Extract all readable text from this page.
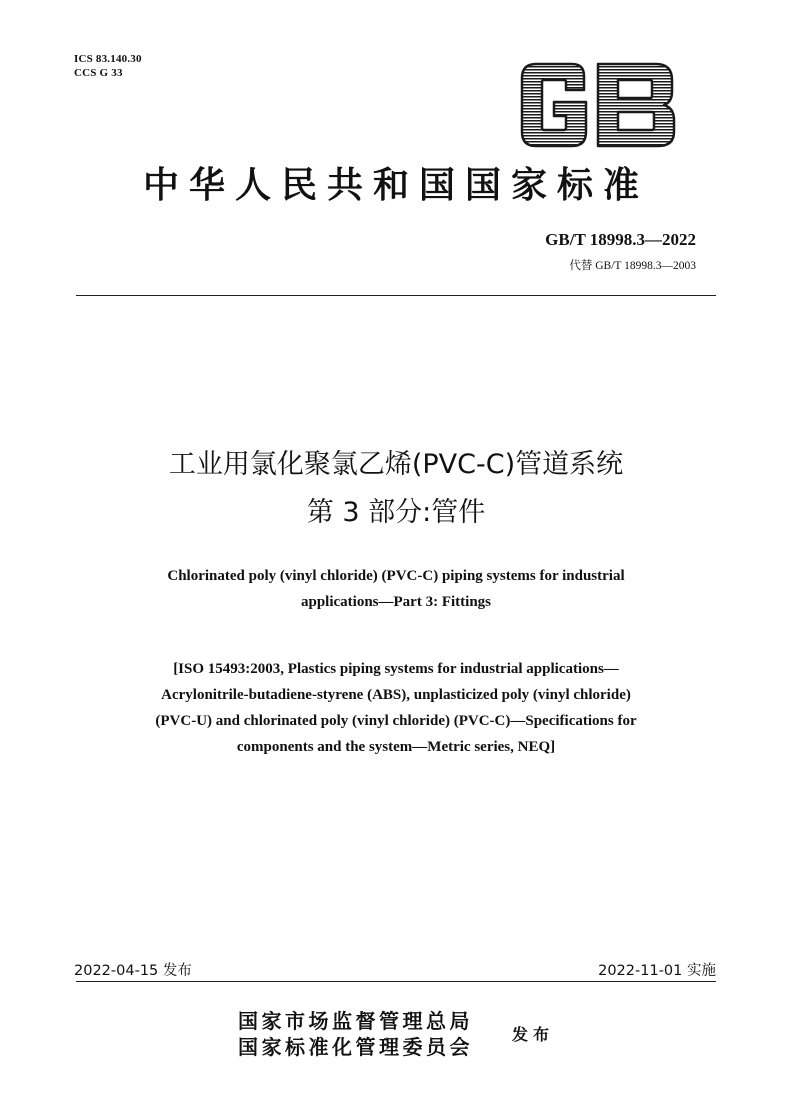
ICS 83.140.30
CCS G 33
中华人民共和国国家标准
GB/T 18998.3—2022
代替 GB/T 18998.3—2003
工业用氯化聚氯乙烯(PVC-C)管道系统
第 3 部分:管件
Chlorinated poly (vinyl chloride) (PVC-C) piping systems for industrial
applications—Part 3: Fittings
[ISO 15493:2003, Plastics piping systems for industrial applications—
Acrylonitrile-butadiene-styrene (ABS), unplasticized poly (vinyl chloride)
(PVC-U) and chlorinated poly (vinyl chloride) (PVC-C)—Specifications for
components and the system—Metric series, NEQ]
2022-04-15 发布	2022-11-01 实施
国家市场监督管理总局
国家标准化管理委员会
发布
